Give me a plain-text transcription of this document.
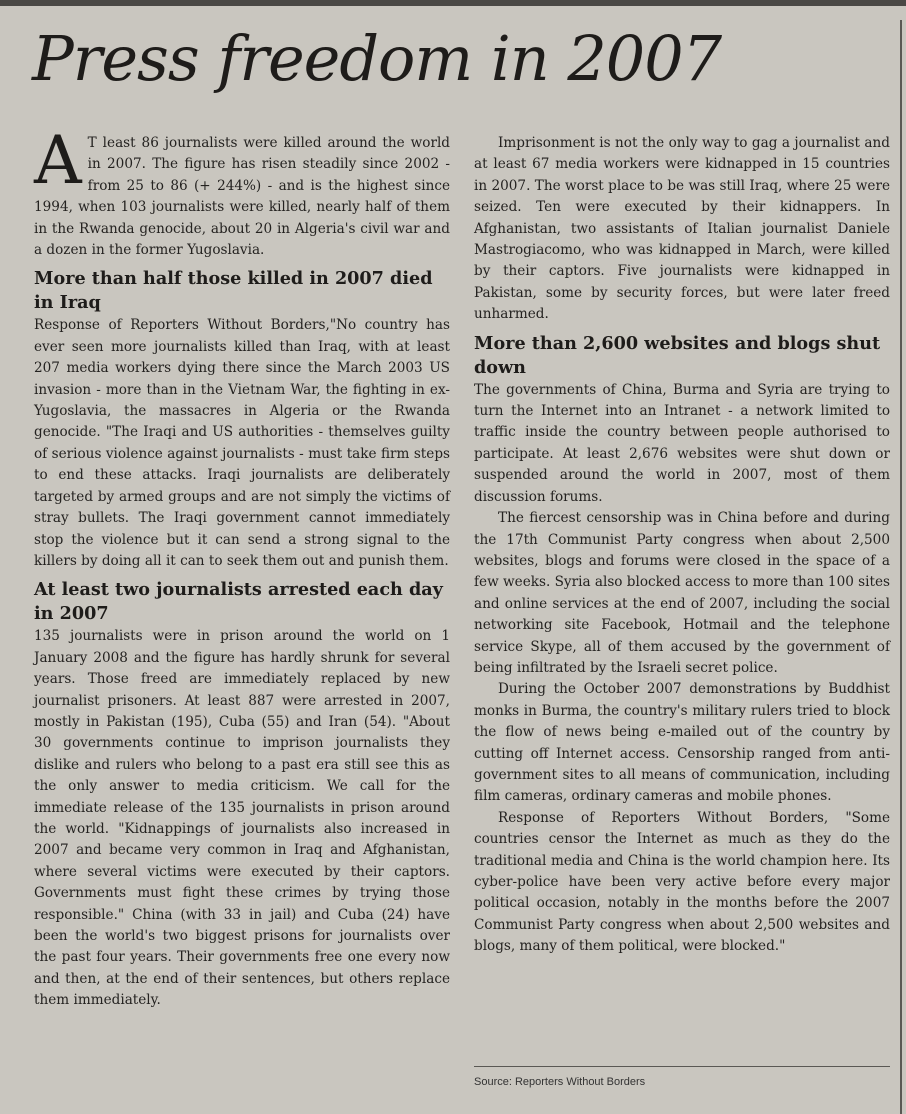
Press freedom in 2007

A T least 86 journalists were killed around the world in 2007. The figure has risen steadily since 2002 - from 25 to 86 (+ 244%) - and is the highest since 1994, when 103 journalists were killed, nearly half of them in the Rwanda genocide, about 20 in Algeria's civil war and a dozen in the former Yugoslavia.

More than half those killed in 2007 died in Iraq

Response of Reporters Without Borders,"No country has ever seen more journalists killed than Iraq, with at least 207 media workers dying there since the March 2003 US invasion - more than in the Vietnam War, the fighting in ex-Yugoslavia, the massacres in Algeria or the Rwanda genocide. "The Iraqi and US authorities - themselves guilty of serious violence against journalists - must take firm steps to end these attacks. Iraqi journalists are deliberately targeted by armed groups and are not simply the victims of stray bullets. The Iraqi government cannot immediately stop the violence but it can send a strong signal to the killers by doing all it can to seek them out and punish them.

At least two journalists arrested each day in 2007

135 journalists were in prison around the world on 1 January 2008 and the figure has hardly shrunk for several years. Those freed are immediately replaced by new journalist prisoners. At least 887 were arrested in 2007, mostly in Pakistan (195), Cuba (55) and Iran (54). "About 30 governments continue to imprison journalists they dislike and rulers who belong to a past era still see this as the only answer to media criticism. We call for the immediate release of the 135 journalists in prison around the world. "Kidnappings of journalists also increased in 2007 and became very common in Iraq and Afghanistan, where several victims were executed by their captors. Governments must fight these crimes by trying those responsible." China (with 33 in jail) and Cuba (24) have been the world's two biggest prisons for journalists over the past four years. Their governments free one every now and then, at the end of their sentences, but others replace them immediately.

Imprisonment is not the only way to gag a journalist and at least 67 media workers were kidnapped in 15 countries in 2007. The worst place to be was still Iraq, where 25 were seized. Ten were executed by their kidnappers. In Afghanistan, two assistants of Italian journalist Daniele Mastrogiacomo, who was kidnapped in March, were killed by their captors. Five journalists were kidnapped in Pakistan, some by security forces, but were later freed unharmed.

More than 2,600 websites and blogs shut down

The governments of China, Burma and Syria are trying to turn the Internet into an Intranet - a network limited to traffic inside the country between people authorised to participate. At least 2,676 websites were shut down or suspended around the world in 2007, most of them discussion forums.

The fiercest censorship was in China before and during the 17th Communist Party congress when about 2,500 websites, blogs and forums were closed in the space of a few weeks. Syria also blocked access to more than 100 sites and online services at the end of 2007, including the social networking site Facebook, Hotmail and the telephone service Skype, all of them accused by the government of being infiltrated by the Israeli secret police.

During the October 2007 demonstrations by Buddhist monks in Burma, the country's military rulers tried to block the flow of news being e-mailed out of the country by cutting off Internet access. Censorship ranged from anti-government sites to all means of communication, including film cameras, ordinary cameras and mobile phones.

Response of Reporters Without Borders, "Some countries censor the Internet as much as they do the traditional media and China is the world champion here. Its cyber-police have been very active before every major political occasion, notably in the months before the 2007 Communist Party congress when about 2,500 websites and blogs, many of them political, were blocked."

Source: Reporters Without Borders
